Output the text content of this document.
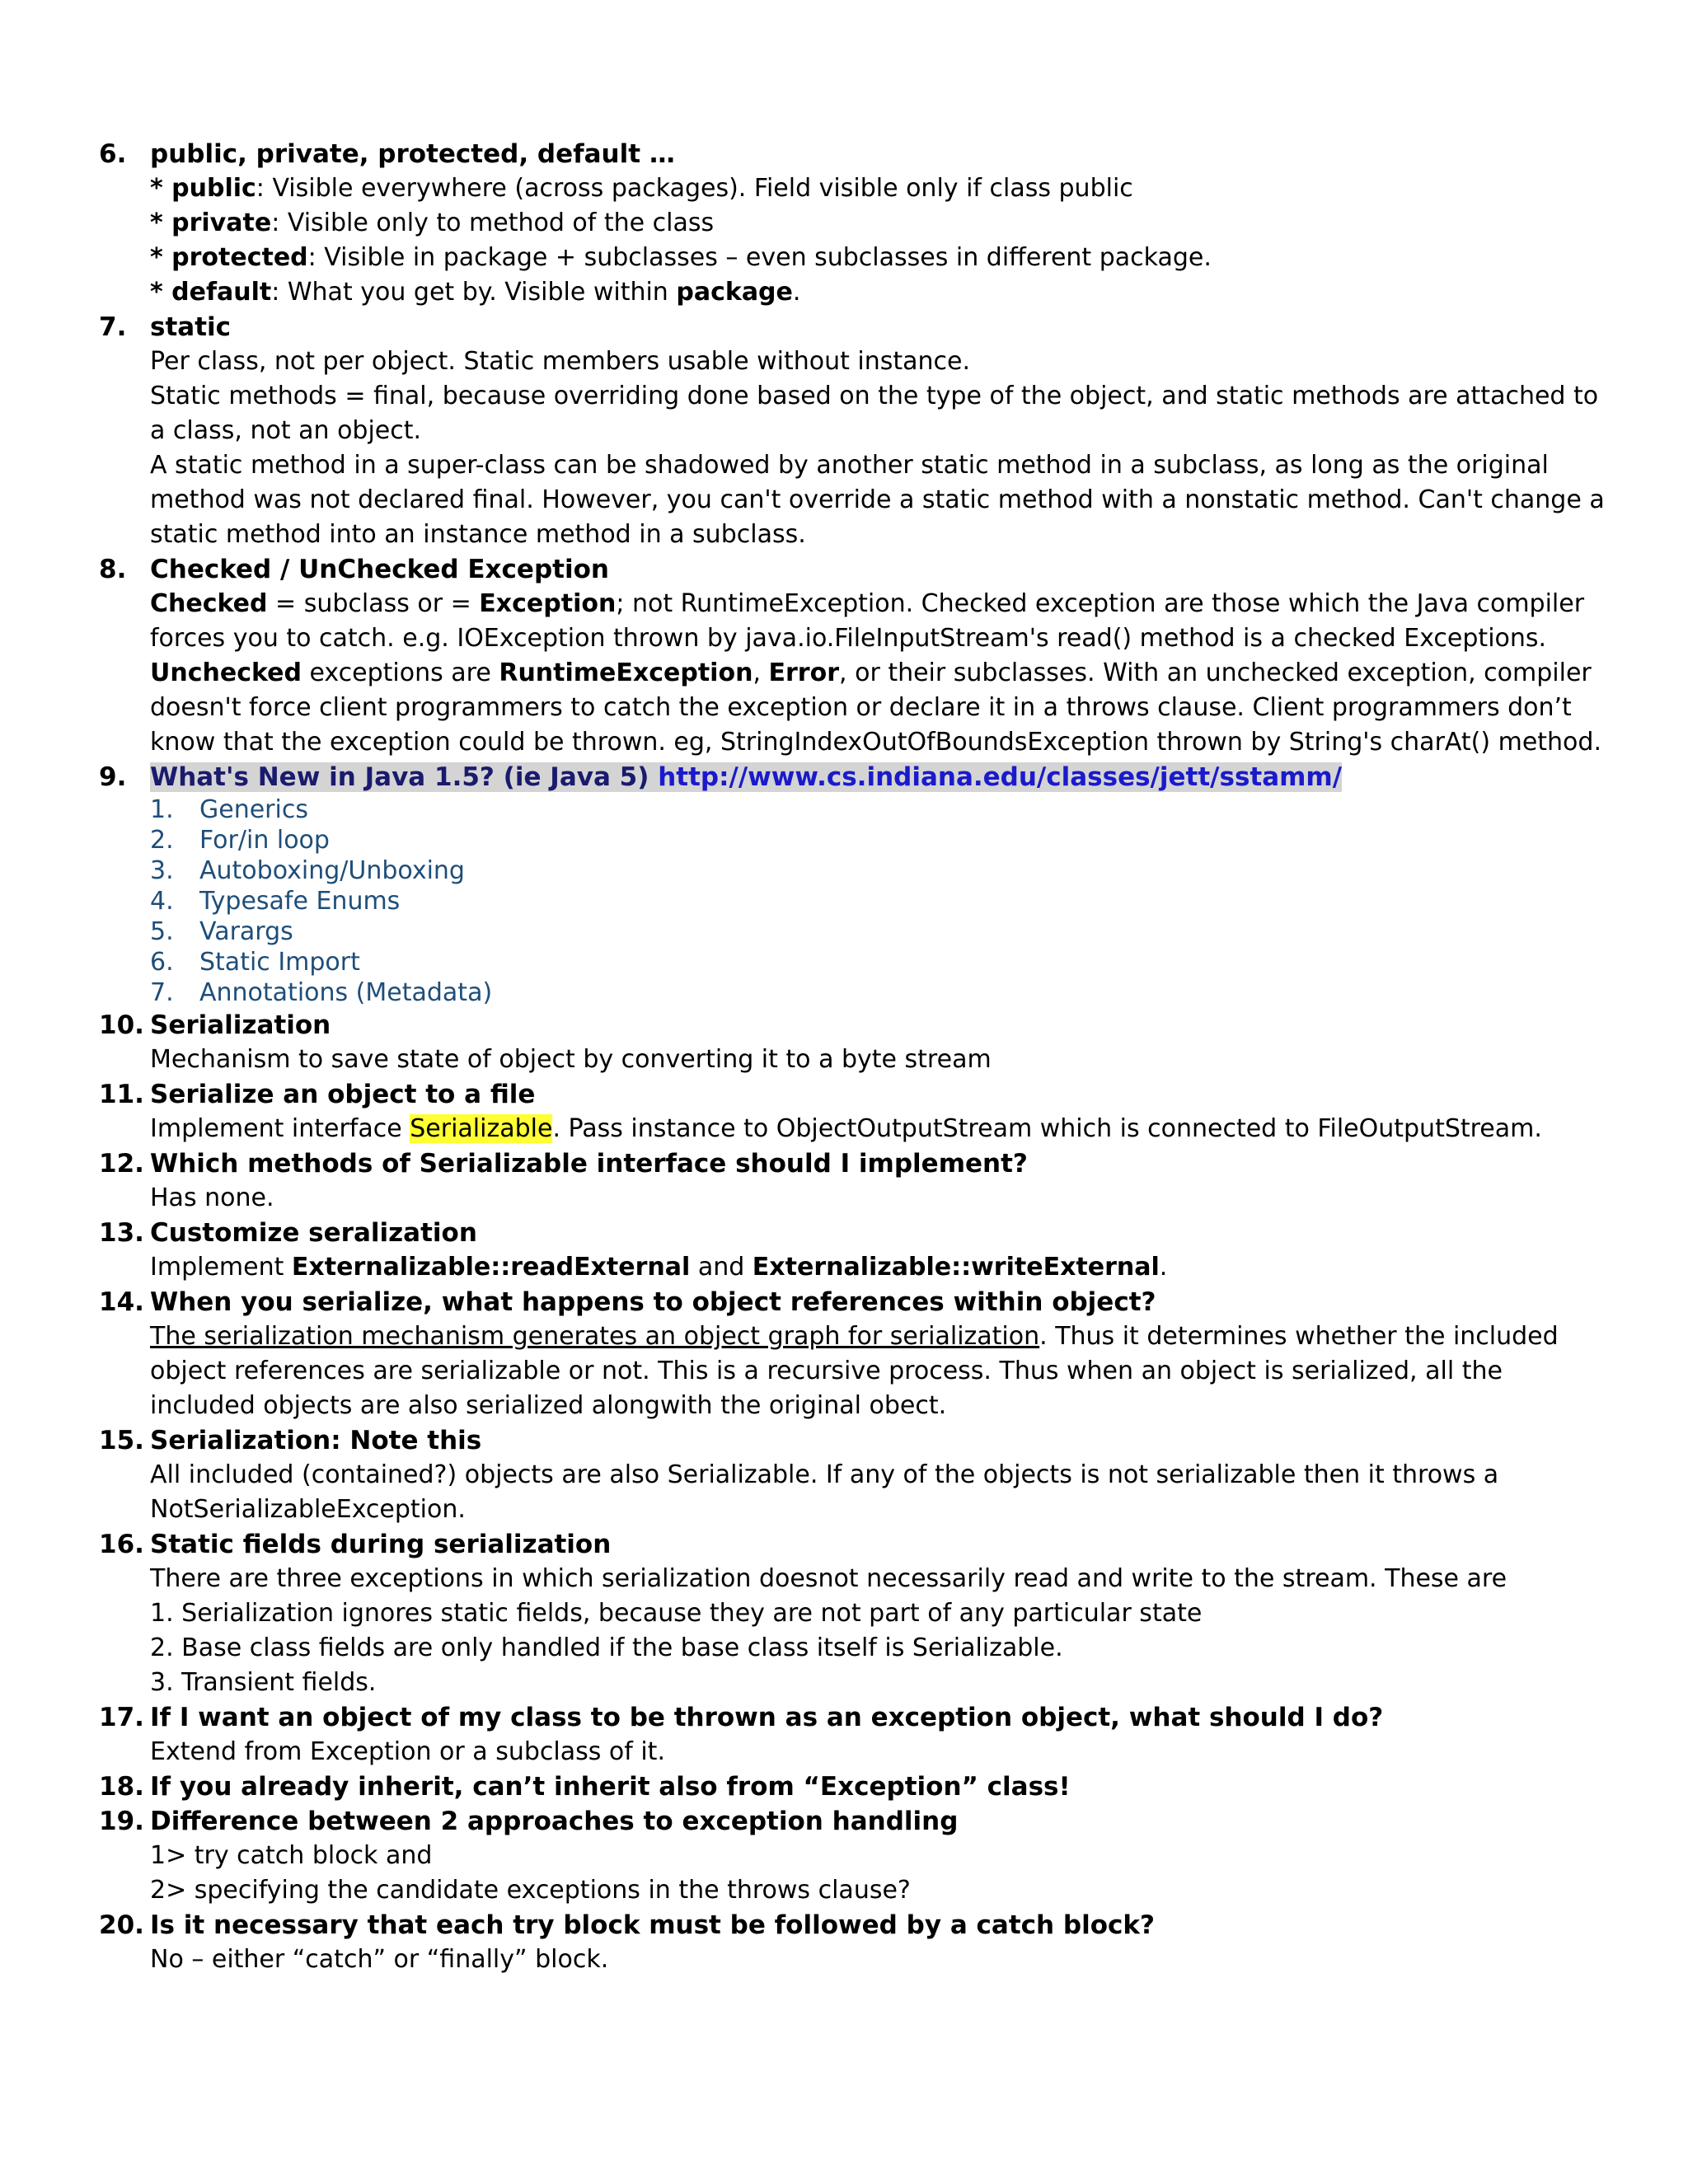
6. public, private, protected, default …
* public: Visible everywhere (across packages). Field visible only if class public
* private: Visible only to method of the class
* protected: Visible in package + subclasses – even subclasses in different package.
* default: What you get by. Visible within package.
7. static
Per class, not per object. Static members usable without instance.
Static methods = final, because overriding done based on the type of the object, and static methods are attached to a class, not an object.
A static method in a super-class can be shadowed by another static method in a subclass, as long as the original method was not declared final. However, you can't override a static method with a nonstatic method. Can't change a static method into an instance method in a subclass.
8. Checked / UnChecked Exception
Checked = subclass or = Exception; not RuntimeException. Checked exception are those which the Java compiler forces you to catch. e.g. IOException thrown by java.io.FileInputStream's read() method is a checked Exceptions.
Unchecked exceptions are RuntimeException, Error, or their subclasses. With an unchecked exception, compiler doesn't force client programmers to catch the exception or declare it in a throws clause. Client programmers don’t know that the exception could be thrown. eg, StringIndexOutOfBoundsException thrown by String's charAt() method.
9. What's New in Java 1.5? (ie Java 5) http://www.cs.indiana.edu/classes/jett/sstamm/
1. Generics
2. For/in loop
3. Autoboxing/Unboxing
4. Typesafe Enums
5. Varargs
6. Static Import
7. Annotations (Metadata)
10. Serialization
Mechanism to save state of object by converting it to a byte stream
11. Serialize an object to a file
Implement interface Serializable. Pass instance to ObjectOutputStream which is connected to FileOutputStream.
12. Which methods of Serializable interface should I implement?
Has none.
13. Customize seralization
Implement Externalizable::readExternal and Externalizable::writeExternal.
14. When you serialize, what happens to object references within object?
The serialization mechanism generates an object graph for serialization. Thus it determines whether the included object references are serializable or not. This is a recursive process. Thus when an object is serialized, all the included objects are also serialized alongwith the original obect.
15. Serialization: Note this
All included (contained?) objects are also Serializable. If any of the objects is not serializable then it throws a NotSerializableException.
16. Static fields during serialization
There are three exceptions in which serialization doesnot necessarily read and write to the stream. These are
1. Serialization ignores static fields, because they are not part of any particular state
2. Base class fields are only handled if the base class itself is Serializable.
3. Transient fields.
17. If I want an object of my class to be thrown as an exception object, what should I do?
Extend from Exception or a subclass of it.
18. If you already inherit, can’t inherit also from “Exception” class!
19. Difference between 2 approaches to exception handling
1> try catch block and
2> specifying the candidate exceptions in the throws clause?
20. Is it necessary that each try block must be followed by a catch block?
No – either “catch” or “finally” block.
